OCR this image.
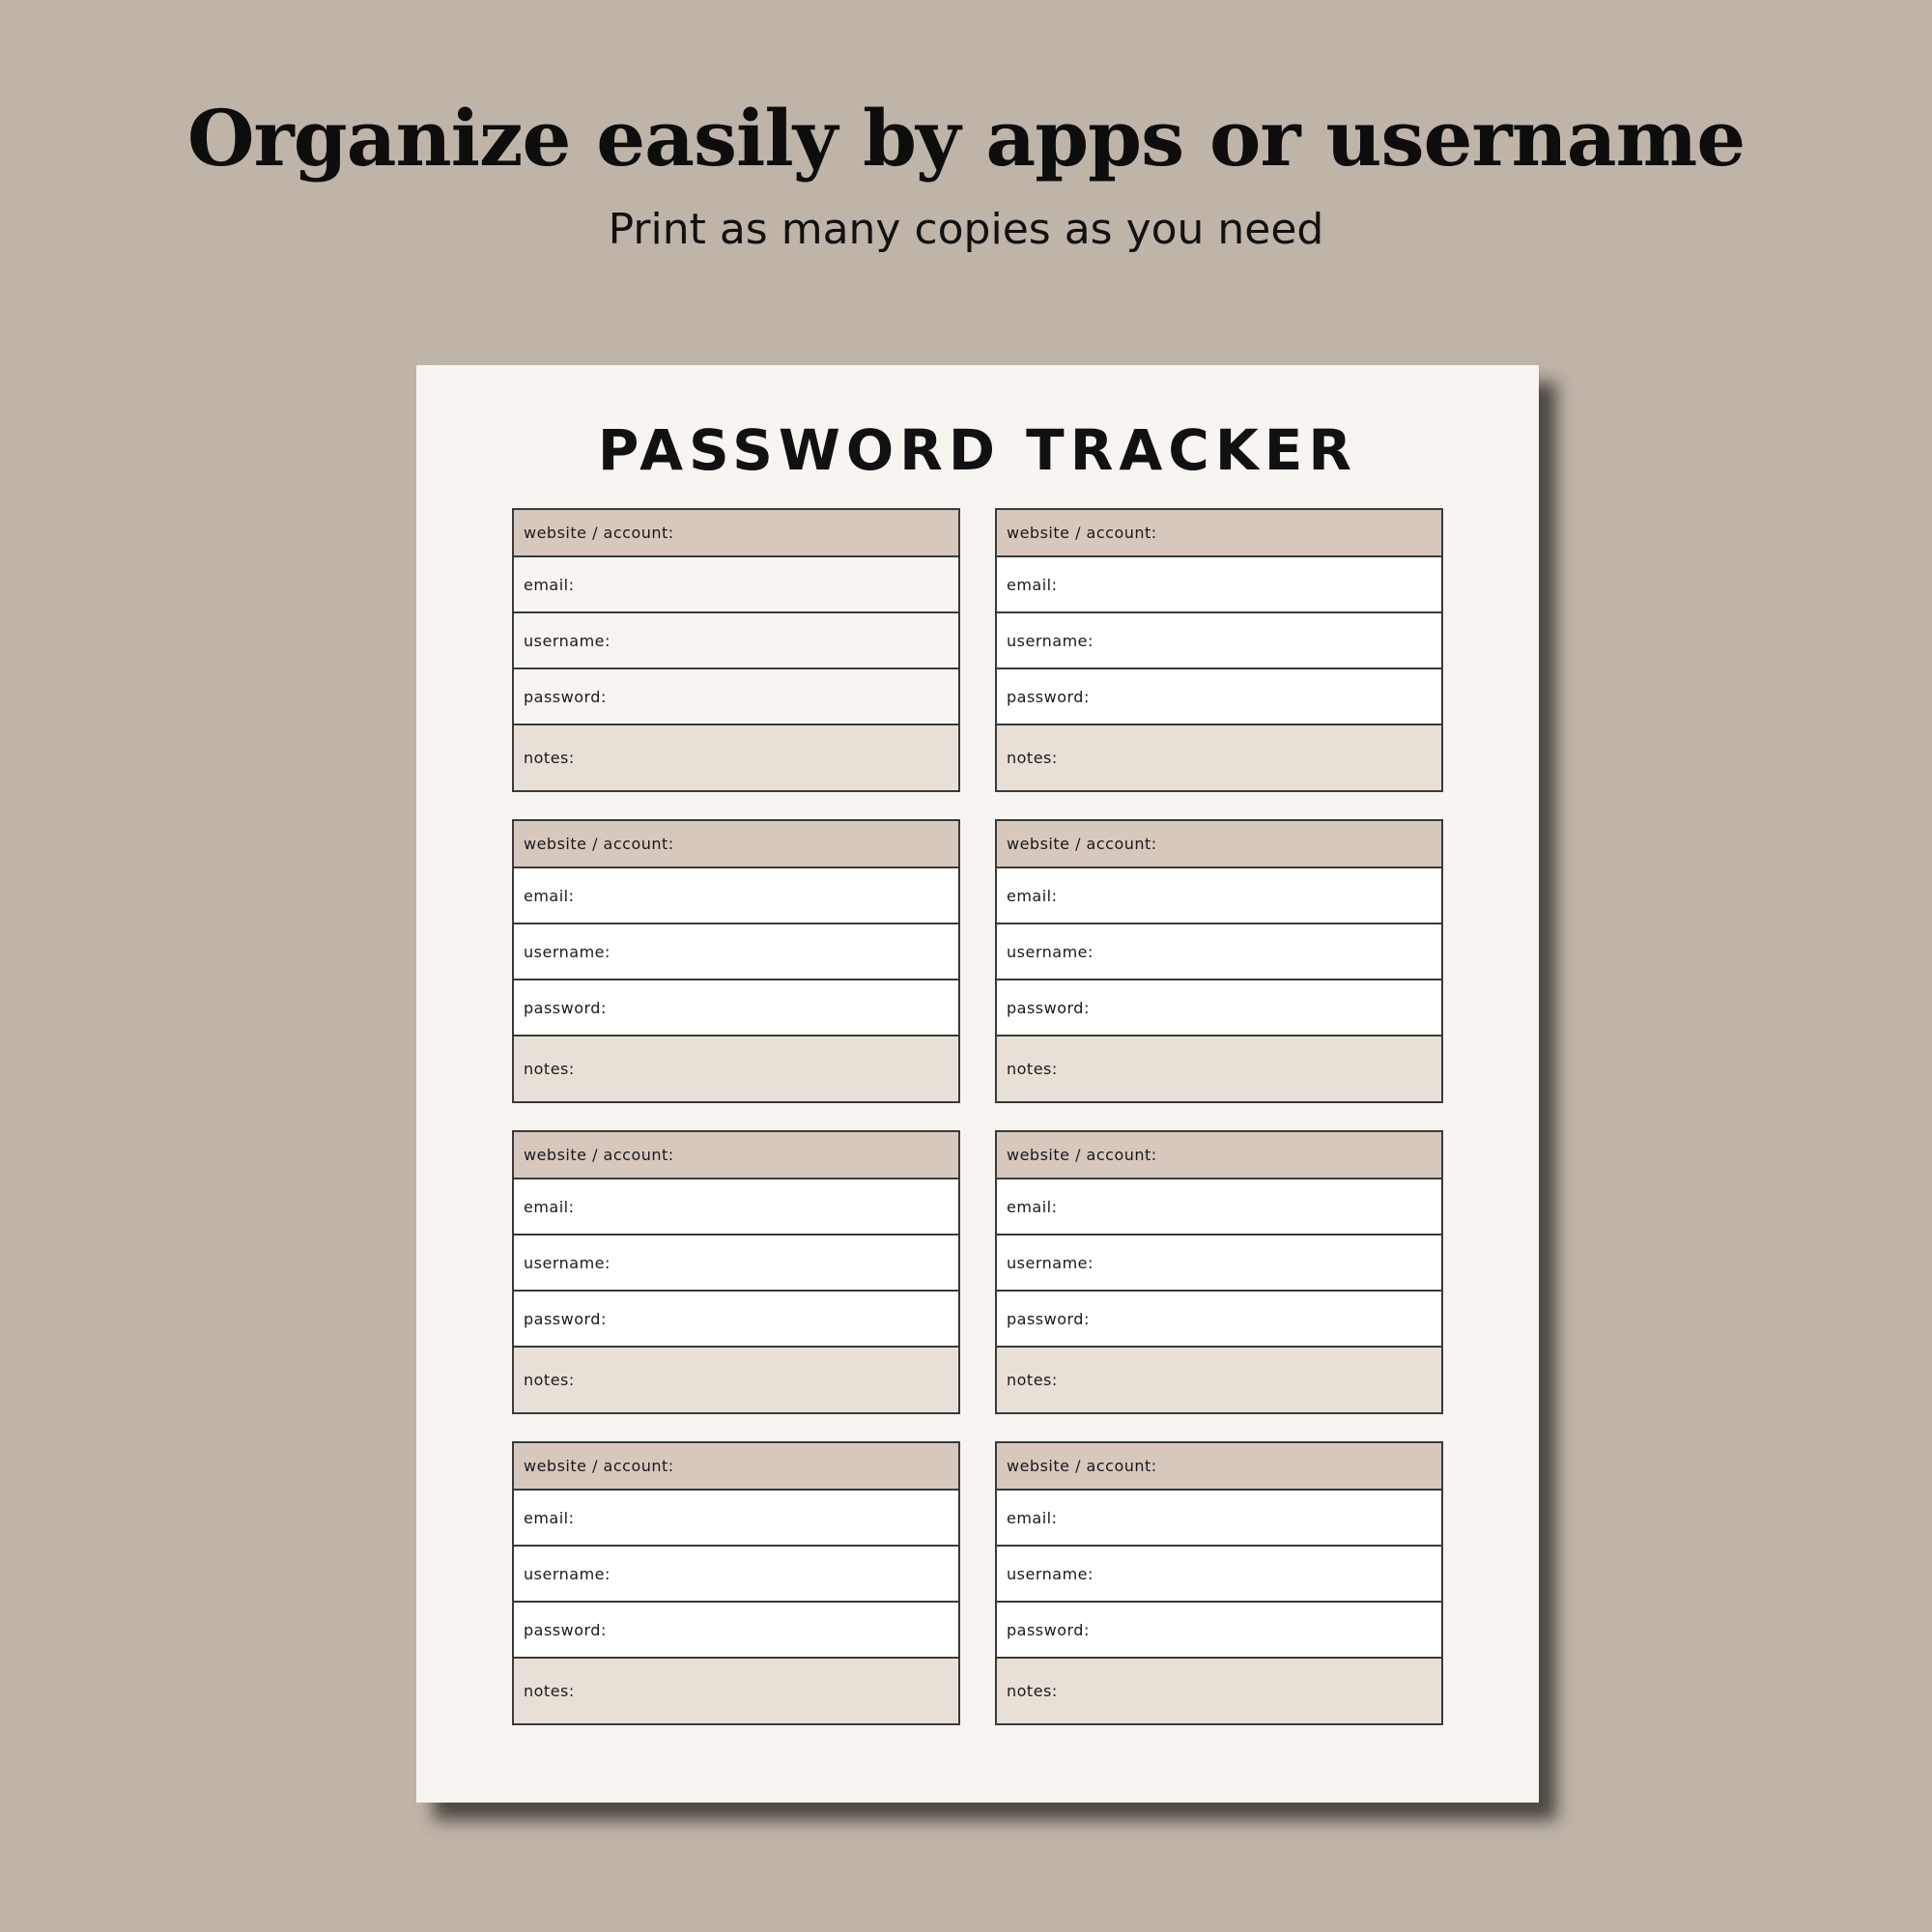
Organize easily by apps or username

Print as many copies as you need

PASSWORD TRACKER
website / account:
email:
username:
password:
notes:
website / account:
email:
username:
password:
notes:
website / account:
email:
username:
password:
notes:
website / account:
email:
username:
password:
notes:
website / account:
email:
username:
password:
notes:
website / account:
email:
username:
password:
notes:
website / account:
email:
username:
password:
notes:
website / account:
email:
username:
password:
notes:
